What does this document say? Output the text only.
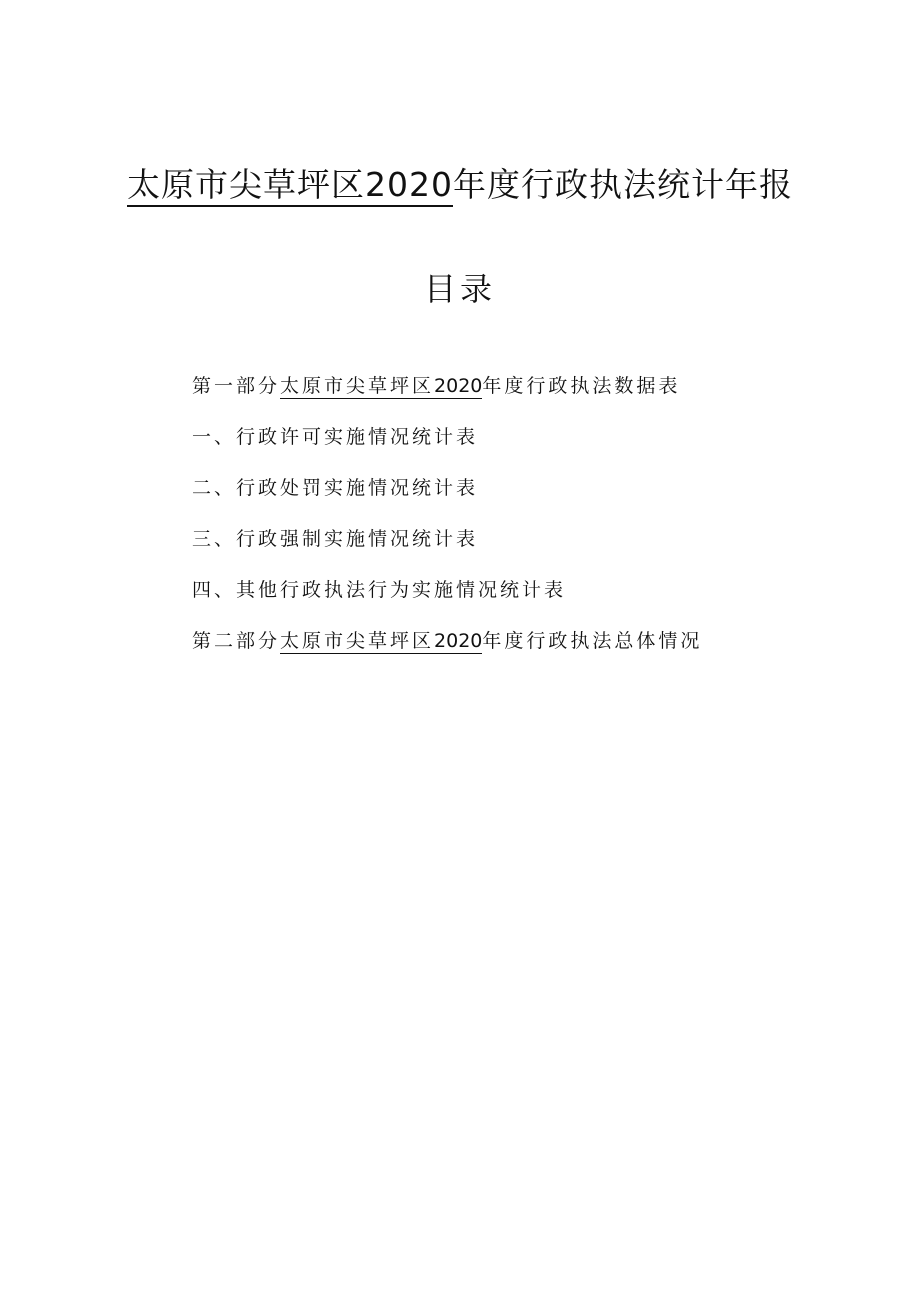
太原市尖草坪区2020年度行政执法统计年报
目录
第一部分太原市尖草坪区2020年度行政执法数据表
一、行政许可实施情况统计表
二、行政处罚实施情况统计表
三、行政强制实施情况统计表
四、其他行政执法行为实施情况统计表
第二部分太原市尖草坪区2020年度行政执法总体情况
